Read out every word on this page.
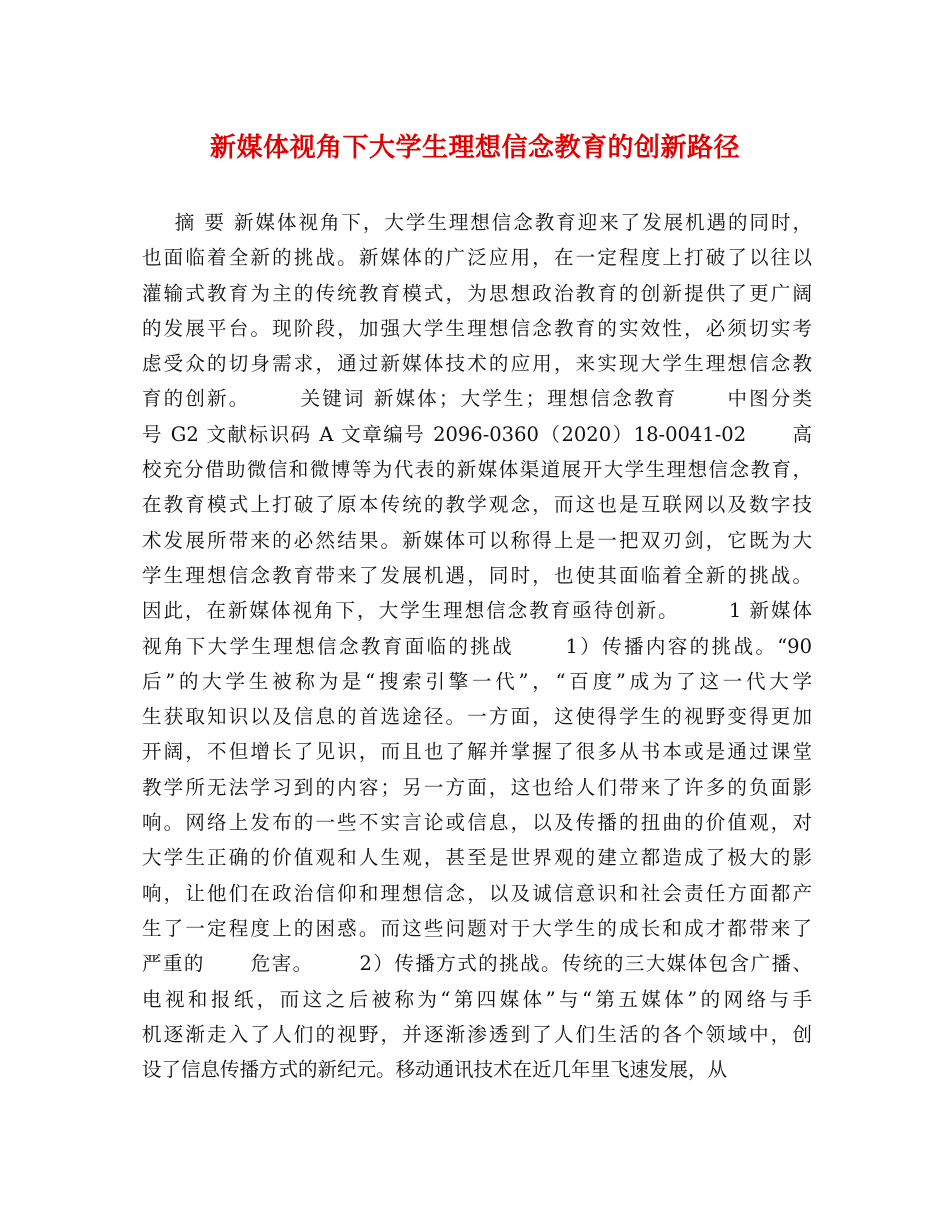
新媒体视角下大学生理想信念教育的创新路径
摘 要 新媒体视角下，大学生理想信念教育迎来了发展机遇的同时，
也面临着全新的挑战。新媒体的广泛应用，在一定程度上打破了以往以
灌输式教育为主的传统教育模式，为思想政治教育的创新提供了更广阔
的发展平台。现阶段，加强大学生理想信念教育的实效性，必须切实考
虑受众的切身需求，通过新媒体技术的应用，来实现大学生理想信念教
育的创新。      关键词 新媒体；大学生；理想信念教育      中图分类
号 G2 文献标识码 A 文章编号 2096-0360（2020）18-0041-02      高
校充分借助微信和微博等为代表的新媒体渠道展开大学生理想信念教育，
在教育模式上打破了原本传统的教学观念，而这也是互联网以及数字技
术发展所带来的必然结果。新媒体可以称得上是一把双刃剑，它既为大
学生理想信念教育带来了发展机遇，同时，也使其面临着全新的挑战。
因此，在新媒体视角下，大学生理想信念教育亟待创新。      1 新媒体
视角下大学生理想信念教育面临的挑战      1）传播内容的挑战。“90
后”的大学生被称为是“搜索引擎一代”，“百度”成为了这一代大学
生获取知识以及信息的首选途径。一方面，这使得学生的视野变得更加
开阔，不但增长了见识，而且也了解并掌握了很多从书本或是通过课堂
教学所无法学习到的内容；另一方面，这也给人们带来了许多的负面影
响。网络上发布的一些不实言论或信息，以及传播的扭曲的价值观，对
大学生正确的价值观和人生观，甚至是世界观的建立都造成了极大的影
响，让他们在政治信仰和理想信念，以及诚信意识和社会责任方面都产
生了一定程度上的困惑。而这些问题对于大学生的成长和成才都带来了
严重的      危害。      2）传播方式的挑战。传统的三大媒体包含广播、
电视和报纸，而这之后被称为“第四媒体”与“第五媒体”的网络与手
机逐渐走入了人们的视野，并逐渐渗透到了人们生活的各个领域中，创
设了信息传播方式的新纪元。移动通讯技术在近几年里飞速发展，从
